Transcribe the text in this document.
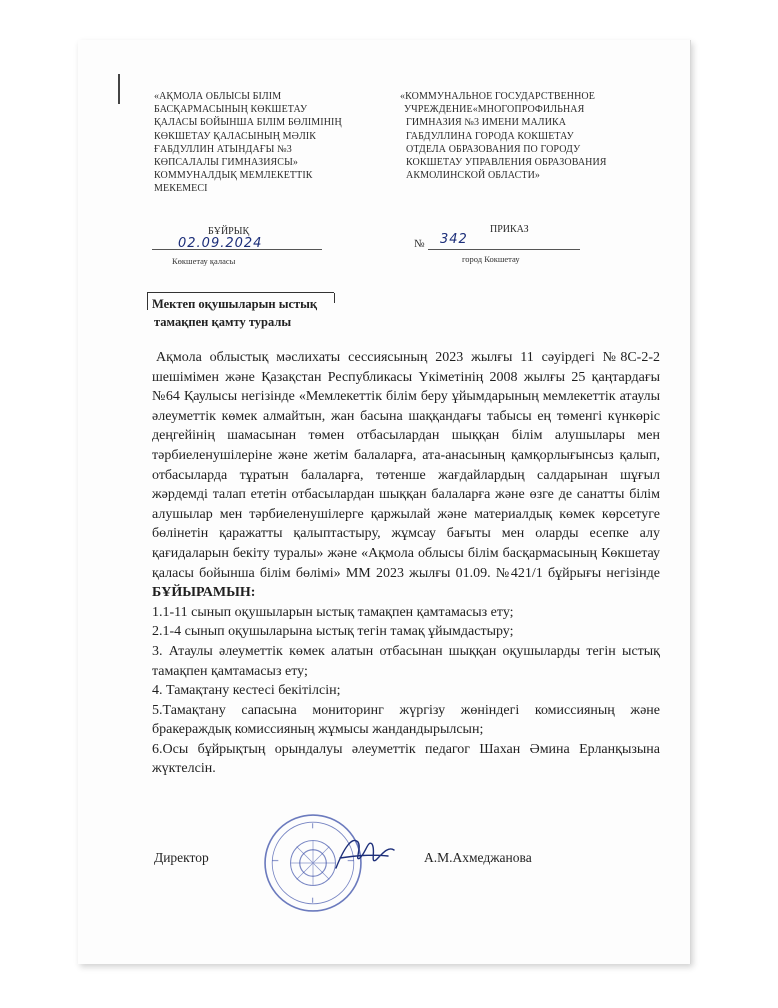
«АҚМОЛА ОБЛЫСЫ БІЛІМ
БАСҚАРМАСЫНЫҢ КӨКШЕТАУ
ҚАЛАСЫ БОЙЫНША БІЛІМ БӨЛІМІНІҢ
КӨКШЕТАУ ҚАЛАСЫНЫҢ МӘЛІК
ҒАБДУЛЛИН АТЫНДАҒЫ №3
КӨПСАЛАЛЫ ГИМНАЗИЯСЫ»
КОММУНАЛДЫҚ МЕМЛЕКЕТТІК
МЕКЕМЕСІ
«КОММУНАЛЬНОЕ ГОСУДАРСТВЕННОЕ
УЧРЕЖДЕНИЕ«МНОГОПРОФИЛЬНАЯ
ГИМНАЗИЯ №3 ИМЕНИ МАЛИКА
ГАБДУЛЛИНА ГОРОДА КОКШЕТАУ
ОТДЕЛА ОБРАЗОВАНИЯ ПО ГОРОДУ
КОКШЕТАУ УПРАВЛЕНИЯ ОБРАЗОВАНИЯ
АКМОЛИНСКОЙ ОБЛАСТИ»
БҰЙРЫҚ
02.09.2024
Көкшетау қаласы
ПРИКАЗ
№ 342
город Кокшетау
Мектеп оқушыларын ыстық
тамақпен қамту туралы

Ақмола облыстық мәслихаты сессиясының 2023 жылғы 11 сәуірдегі №8С-2-2 шешімімен және Қазақстан Республикасы Үкіметінің 2008 жылғы 25 қаңтардағы №64 Қаулысы негізінде «Мемлекеттік білім беру ұйымдарының мемлекеттік атаулы әлеуметтік көмек алмайтын, жан басына шаққандағы табысы ең төменгі күнкөріс деңгейінің шамасынан төмен отбасылардан шыққан білім алушылары мен тәрбиеленушілеріне және жетім балаларға, ата-анасының қамқорлығынсыз қалып, отбасыларда тұратын балаларға, төтенше жағдайлардың салдарынан шұғыл жәрдемді талап ететін отбасылардан шыққан балаларға және өзге де санатты білім алушылар мен тәрбиеленушілерге қаржылай және материалдық көмек көрсетуге бөлінетін қаражатты қалыптастыру, жұмсау бағыты мен оларды есепке алу қағидаларын бекіту туралы» және «Ақмола облысы білім басқармасының Көкшетау қаласы бойынша білім бөлімі» ММ 2023 жылғы 01.09. №421/1 бұйрығы негізінде БҰЙЫРАМЫН:

1.1-11 сынып оқушыларын ыстық тамақпен қамтамасыз ету;

2.1-4 сынып оқушыларына ыстық тегін тамақ ұйымдастыру;

3. Атаулы әлеуметтік көмек алатын отбасынан шыққан оқушыларды тегін ыстық тамақпен қамтамасыз ету;

4. Тамақтану кестесі бекітілсін;

5.Тамақтану сапасына мониторинг жүргізу жөніндегі комиссияның және бракераждық комиссияның жұмысы жандандырылсын;

6.Осы бұйрықтың орындалуы әлеуметтік педагог Шахан Әмина Ерланқызына жүктелсін.

Директор	А.М.Ахмеджанова
